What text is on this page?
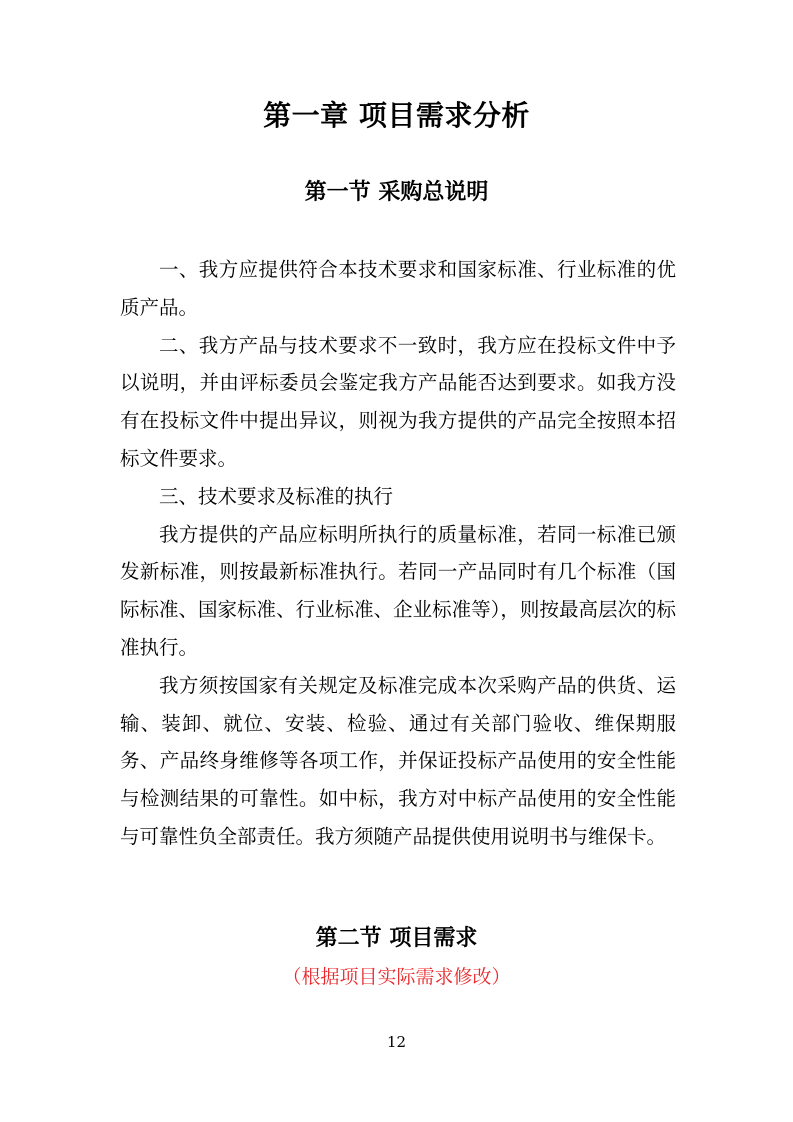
第一章 项目需求分析
第一节 采购总说明

一、我方应提供符合本技术要求和国家标准、行业标准的优质产品。

二、我方产品与技术要求不一致时，我方应在投标文件中予以说明，并由评标委员会鉴定我方产品能否达到要求。如我方没有在投标文件中提出异议，则视为我方提供的产品完全按照本招标文件要求。

三、技术要求及标准的执行

我方提供的产品应标明所执行的质量标准，若同一标准已颁发新标准，则按最新标准执行。若同一产品同时有几个标准（国际标准、国家标准、行业标准、企业标准等），则按最高层次的标准执行。

我方须按国家有关规定及标准完成本次采购产品的供货、运输、装卸、就位、安装、检验、通过有关部门验收、维保期服务、产品终身维修等各项工作，并保证投标产品使用的安全性能与检测结果的可靠性。如中标，我方对中标产品使用的安全性能与可靠性负全部责任。我方须随产品提供使用说明书与维保卡。

第二节 项目需求

（根据项目实际需求修改）

12
